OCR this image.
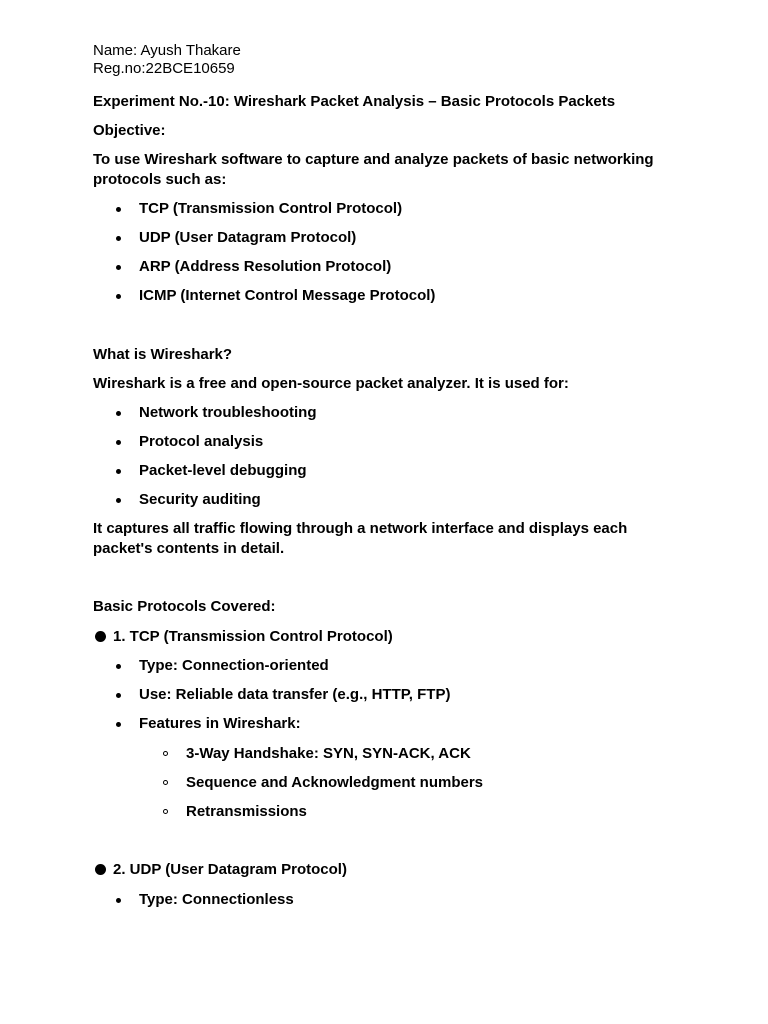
Name: Ayush Thakare
Reg.no:22BCE10659
Experiment No.-10: Wireshark Packet Analysis – Basic Protocols Packets
Objective:
To use Wireshark software to capture and analyze packets of basic networking
protocols such as:
TCP (Transmission Control Protocol)
UDP (User Datagram Protocol)
ARP (Address Resolution Protocol)
ICMP (Internet Control Message Protocol)
What is Wireshark?
Wireshark is a free and open-source packet analyzer. It is used for:
Network troubleshooting
Protocol analysis
Packet-level debugging
Security auditing
It captures all traffic flowing through a network interface and displays each
packet's contents in detail.
Basic Protocols Covered:
1. TCP (Transmission Control Protocol)
Type: Connection-oriented
Use: Reliable data transfer (e.g., HTTP, FTP)
Features in Wireshark:
3-Way Handshake: SYN, SYN-ACK, ACK
Sequence and Acknowledgment numbers
Retransmissions
2. UDP (User Datagram Protocol)
Type: Connectionless
